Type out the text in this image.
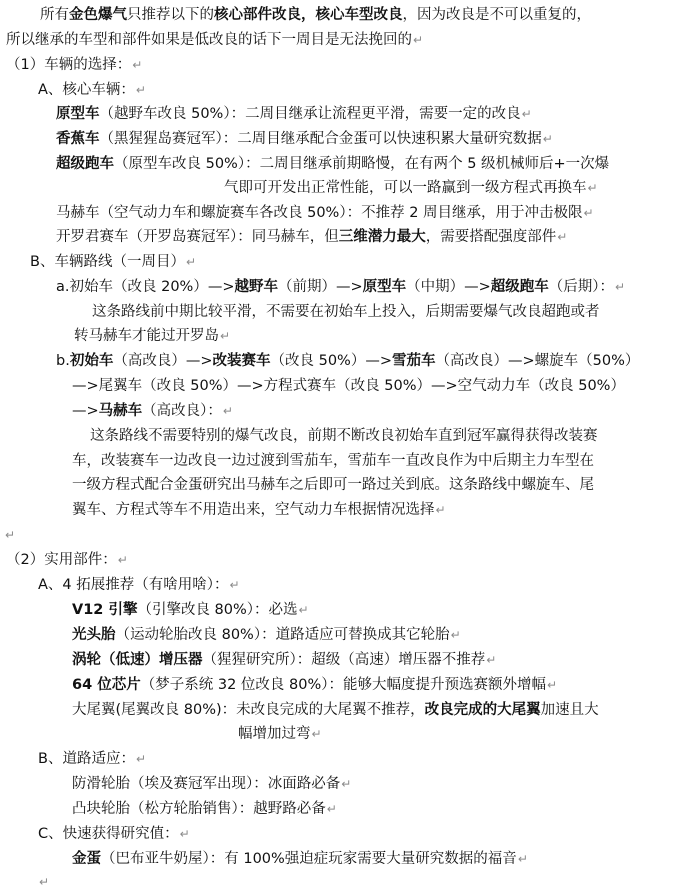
所有金色爆气只推荐以下的核心部件改良，核心车型改良，因为改良是不可以重复的，
所以继承的车型和部件如果是低改良的话下一周目是无法挽回的↵
（1）车辆的选择：↵
A、核心车辆：↵
原型车（越野车改良 50%）：二周目继承让流程更平滑，需要一定的改良↵
香蕉车（黑猩猩岛赛冠军）：二周目继承配合金蛋可以快速积累大量研究数据↵
超级跑车（原型车改良 50%）：二周目继承前期略慢，在有两个 5 级机械师后+一次爆
气即可开发出正常性能，可以一路赢到一级方程式再换车↵
马赫车（空气动力车和螺旋赛车各改良 50%）：不推荐 2 周目继承，用于冲击极限↵
开罗君赛车（开罗岛赛冠军）：同马赫车，但三维潜力最大，需要搭配强度部件↵
B、车辆路线（一周目）↵
a.初始车（改良 20%）—>越野车（前期）—>原型车（中期）—>超级跑车（后期）：↵
这条路线前中期比较平滑，不需要在初始车上投入，后期需要爆气改良超跑或者
转马赫车才能过开罗岛↵
b.初始车（高改良）—>改装赛车（改良 50%）—>雪茄车（高改良）—>螺旋车（50%）
—>尾翼车（改良 50%）—>方程式赛车（改良 50%）—>空气动力车（改良 50%）
—>马赫车（高改良）：↵
这条路线不需要特别的爆气改良，前期不断改良初始车直到冠军赢得获得改装赛
车，改装赛车一边改良一边过渡到雪茄车，雪茄车一直改良作为中后期主力车型在
一级方程式配合金蛋研究出马赫车之后即可一路过关到底。这条路线中螺旋车、尾
翼车、方程式等车不用造出来，空气动力车根据情况选择↵
↵
（2）实用部件：↵
A、4 拓展推荐（有啥用啥）：↵
V12 引擎（引擎改良 80%）：必选↵
光头胎（运动轮胎改良 80%）：道路适应可替换成其它轮胎↵
涡轮（低速）增压器（猩猩研究所）：超级（高速）增压器不推荐↵
64 位芯片（梦子系统 32 位改良 80%）：能够大幅度提升预选赛额外增幅↵
大尾翼(尾翼改良 80%)：未改良完成的大尾翼不推荐，改良完成的大尾翼加速且大
幅增加过弯↵
B、道路适应：↵
防滑轮胎（埃及赛冠军出现）：冰面路必备↵
凸块轮胎（松方轮胎销售）：越野路必备↵
C、快速获得研究值：↵
金蛋（巴布亚牛奶屋）：有 100%强迫症玩家需要大量研究数据的福音↵
↵
